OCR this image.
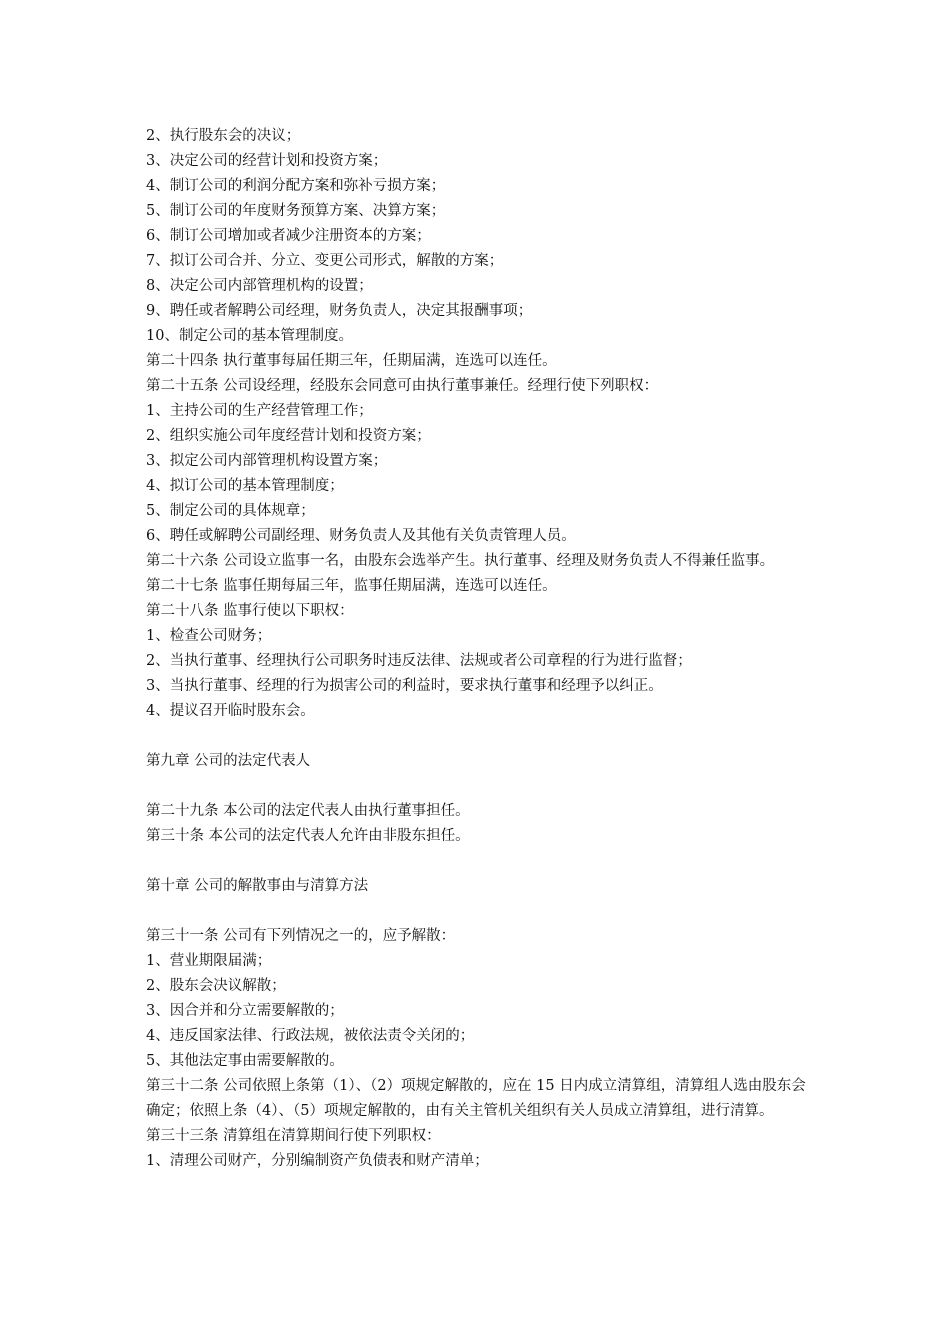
2、执行股东会的决议；
3、决定公司的经营计划和投资方案；
4、制订公司的利润分配方案和弥补亏损方案；
5、制订公司的年度财务预算方案、决算方案；
6、制订公司增加或者减少注册资本的方案；
7、拟订公司合并、分立、变更公司形式，解散的方案；
8、决定公司内部管理机构的设置；
9、聘任或者解聘公司经理，财务负责人，决定其报酬事项；
10、制定公司的基本管理制度。
第二十四条 执行董事每届任期三年，任期届满，连选可以连任。
第二十五条 公司设经理，经股东会同意可由执行董事兼任。经理行使下列职权：
1、主持公司的生产经营管理工作；
2、组织实施公司年度经营计划和投资方案；
3、拟定公司内部管理机构设置方案；
4、拟订公司的基本管理制度；
5、制定公司的具体规章；
6、聘任或解聘公司副经理、财务负责人及其他有关负责管理人员。
第二十六条 公司设立监事一名，由股东会选举产生。执行董事、经理及财务负责人不得兼任监事。
第二十七条 监事任期每届三年，监事任期届满，连选可以连任。
第二十八条 监事行使以下职权：
1、检查公司财务；
2、当执行董事、经理执行公司职务时违反法律、法规或者公司章程的行为进行监督；
3、当执行董事、经理的行为损害公司的利益时，要求执行董事和经理予以纠正。
4、提议召开临时股东会。
第九章 公司的法定代表人
第二十九条 本公司的法定代表人由执行董事担任。
第三十条 本公司的法定代表人允许由非股东担任。
第十章 公司的解散事由与清算方法
第三十一条 公司有下列情况之一的，应予解散：
1、营业期限届满；
2、股东会决议解散；
3、因合并和分立需要解散的；
4、违反国家法律、行政法规，被依法责令关闭的；
5、其他法定事由需要解散的。
第三十二条 公司依照上条第（1）、（2）项规定解散的，应在 15 日内成立清算组，清算组人选由股东会确定；依照上条（4）、（5）项规定解散的，由有关主管机关组织有关人员成立清算组，进行清算。
第三十三条 清算组在清算期间行使下列职权：
1、清理公司财产，分别编制资产负债表和财产清单；
